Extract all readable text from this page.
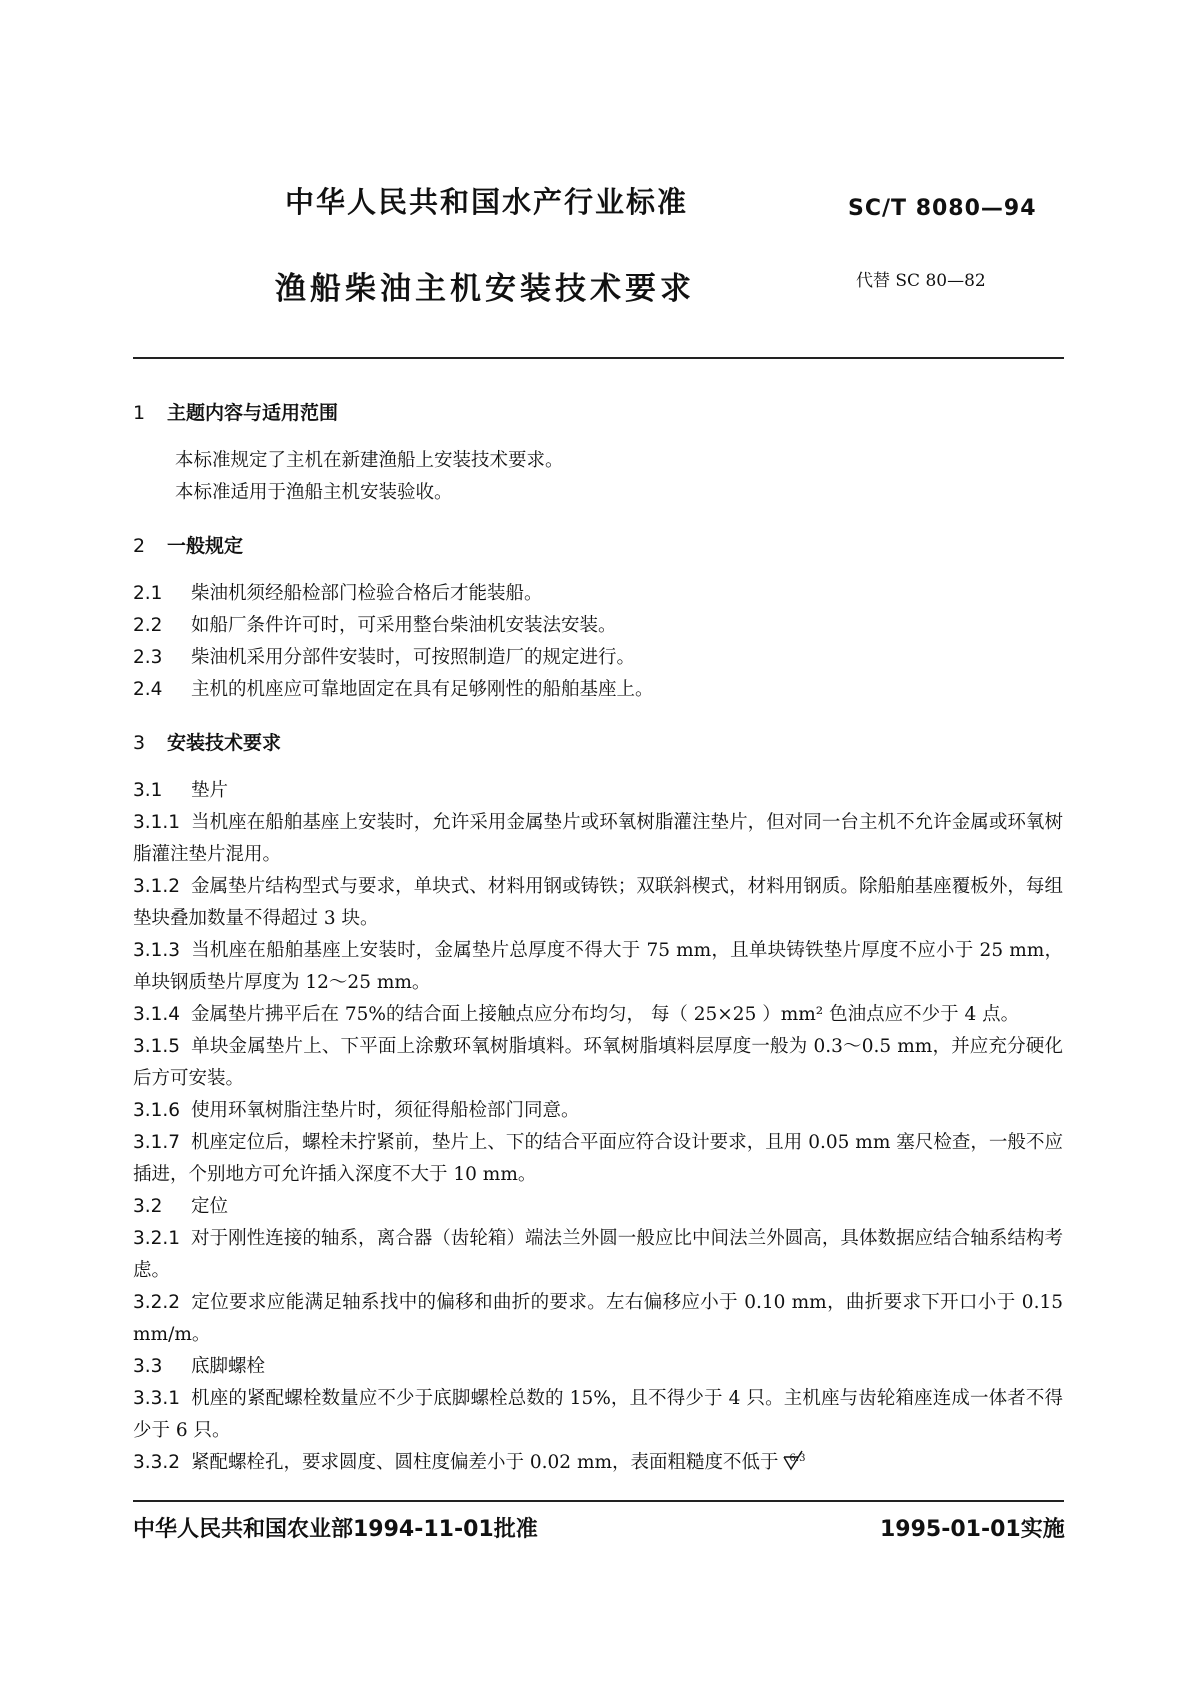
中华人民共和国水产行业标准	SC/T 8080—94
渔船柴油主机安装技术要求	代替 SC 80—82
1 主题内容与适用范围

本标准规定了主机在新建渔船上安装技术要求。

本标准适用于渔船主机安装验收。

2 一般规定

2.1 柴油机须经船检部门检验合格后才能装船。

2.2 如船厂条件许可时，可采用整台柴油机安装法安装。

2.3 柴油机采用分部件安装时，可按照制造厂的规定进行。

2.4 主机的机座应可靠地固定在具有足够刚性的船舶基座上。

3 安装技术要求

3.1 垫片

3.1.1 当机座在船舶基座上安装时，允许采用金属垫片或环氧树脂灌注垫片，但对同一台主机不允许金属或环氧树脂灌注垫片混用。

3.1.2 金属垫片结构型式与要求，单块式、材料用钢或铸铁；双联斜楔式，材料用钢质。除船舶基座覆板外，每组垫块叠加数量不得超过 3 块。

3.1.3 当机座在船舶基座上安装时，金属垫片总厚度不得大于 75 mm，且单块铸铁垫片厚度不应小于 25 mm，单块钢质垫片厚度为 12～25 mm。

3.1.4 金属垫片拂平后在 75%的结合面上接触点应分布均匀， 每（ 25×25 ）mm² 色油点应不少于 4 点。

3.1.5 单块金属垫片上、下平面上涂敷环氧树脂填料。环氧树脂填料层厚度一般为 0.3～0.5 mm，并应充分硬化后方可安装。

3.1.6 使用环氧树脂注垫片时，须征得船检部门同意。

3.1.7 机座定位后，螺栓未拧紧前，垫片上、下的结合平面应符合设计要求，且用 0.05 mm 塞尺检查，一般不应插进，个别地方可允许插入深度不大于 10 mm。

3.2 定位

3.2.1 对于刚性连接的轴系，离合器（齿轮箱）端法兰外圆一般应比中间法兰外圆高，具体数据应结合轴系结构考虑。

3.2.2 定位要求应能满足轴系找中的偏移和曲折的要求。左右偏移应小于 0.10 mm，曲折要求下开口小于 0.15 mm/m。

3.3 底脚螺栓

3.3.1 机座的紧配螺栓数量应不少于底脚螺栓总数的 15%，且不得少于 4 只。主机座与齿轮箱座连成一体者不得少于 6 只。

3.3.2 紧配螺栓孔，要求圆度、圆柱度偏差小于 0.02 mm，表面粗糙度不低于 6.3

中华人民共和国农业部1994-11-01批准	1995-01-01实施
